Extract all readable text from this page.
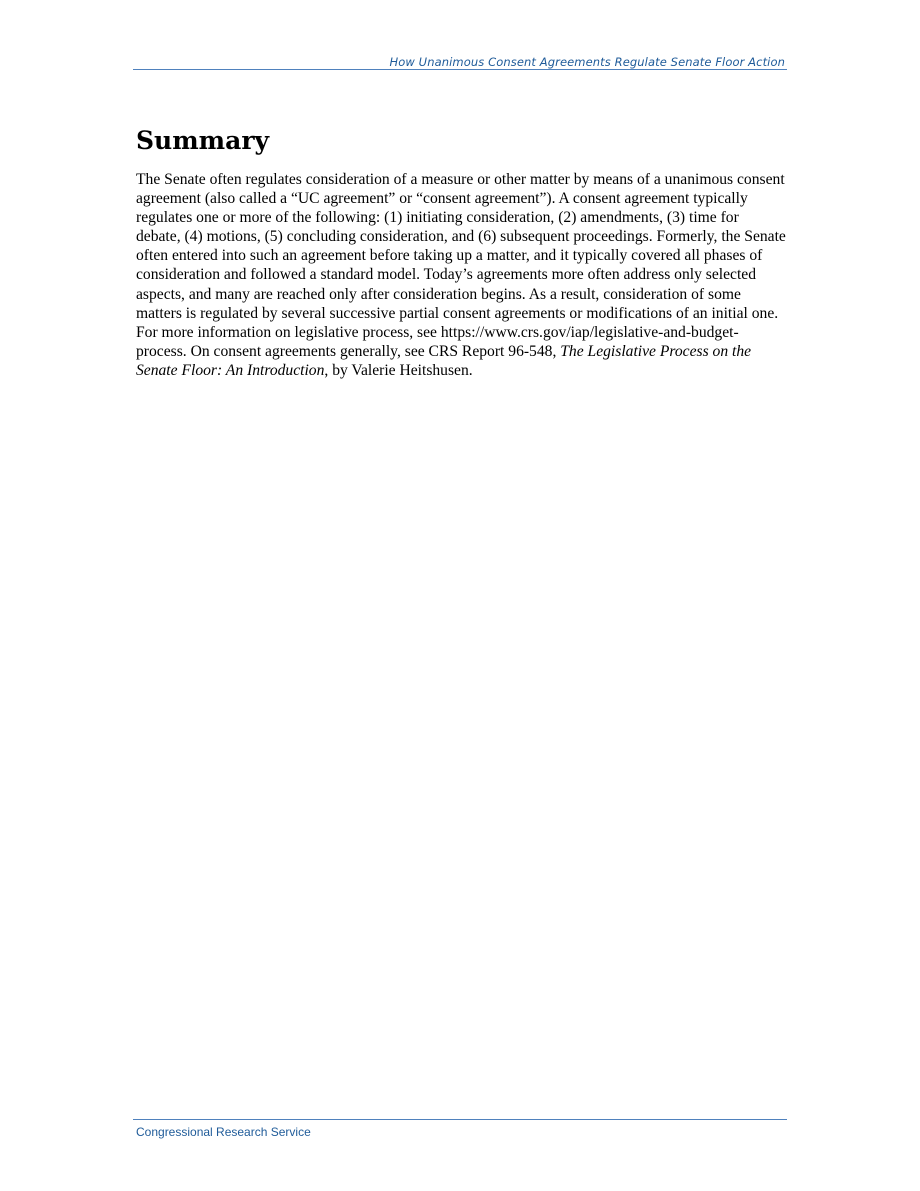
How Unanimous Consent Agreements Regulate Senate Floor Action
Summary

The Senate often regulates consideration of a measure or other matter by means of a unanimous consent agreement (also called a “UC agreement” or “consent agreement”). A consent agreement typically regulates one or more of the following: (1) initiating consideration, (2) amendments, (3) time for debate, (4) motions, (5) concluding consideration, and (6) subsequent proceedings. Formerly, the Senate often entered into such an agreement before taking up a matter, and it typically covered all phases of consideration and followed a standard model. Today’s agreements more often address only selected aspects, and many are reached only after consideration begins. As a result, consideration of some matters is regulated by several successive partial consent agreements or modifications of an initial one. For more information on legislative process, see https://www.crs.gov/iap/legislative-and-budget-process. On consent agreements generally, see CRS Report 96-548, The Legislative Process on the Senate Floor: An Introduction, by Valerie Heitshusen.

Congressional Research Service
